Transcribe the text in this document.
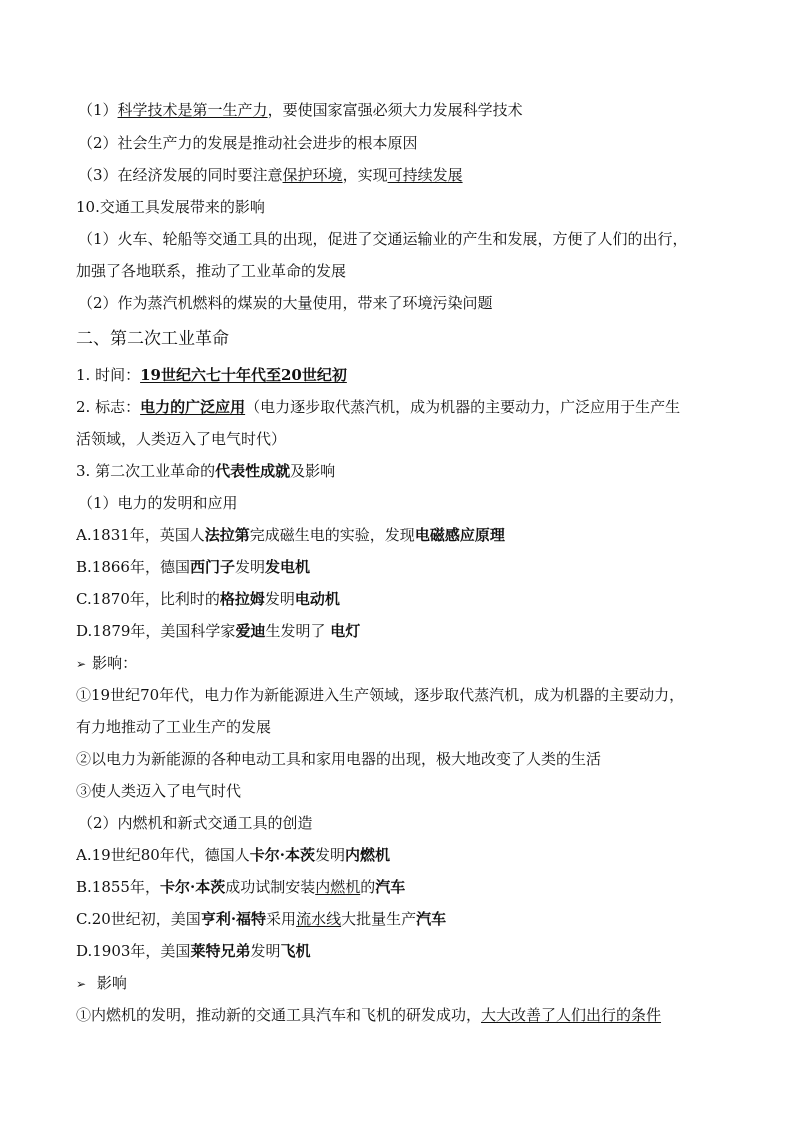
（1）科学技术是第一生产力，要使国家富强必须大力发展科学技术

（2）社会生产力的发展是推动社会进步的根本原因

（3）在经济发展的同时要注意保护环境，实现可持续发展

10.交通工具发展带来的影响

（1）火车、轮船等交通工具的出现，促进了交通运输业的产生和发展，方便了人们的出行，

加强了各地联系，推动了工业革命的发展

（2）作为蒸汽机燃料的煤炭的大量使用，带来了环境污染问题

二、第二次工业革命

1. 时间：19世纪六七十年代至20世纪初

2. 标志：电力的广泛应用（电力逐步取代蒸汽机，成为机器的主要动力，广泛应用于生产生

活领域，人类迈入了电气时代）

3. 第二次工业革命的代表性成就及影响

（1）电力的发明和应用

A.1831年，英国人法拉第完成磁生电的实验，发现电磁感应原理

B.1866年，德国西门子发明发电机

C.1870年，比利时的格拉姆发明电动机

D.1879年，美国科学家爱迪生发明了 电灯

➢ 影响：

①19世纪70年代，电力作为新能源进入生产领域，逐步取代蒸汽机，成为机器的主要动力，

有力地推动了工业生产的发展

②以电力为新能源的各种电动工具和家用电器的出现，极大地改变了人类的生活

③使人类迈入了电气时代

（2）内燃机和新式交通工具的创造

A.19世纪80年代，德国人卡尔·本茨发明内燃机

B.1855年，卡尔·本茨成功试制安装内燃机的汽车

C.20世纪初，美国亨利·福特采用流水线大批量生产汽车

D.1903年，美国莱特兄弟发明飞机

➢ 影响

①内燃机的发明，推动新的交通工具汽车和飞机的研发成功，大大改善了人们出行的条件
